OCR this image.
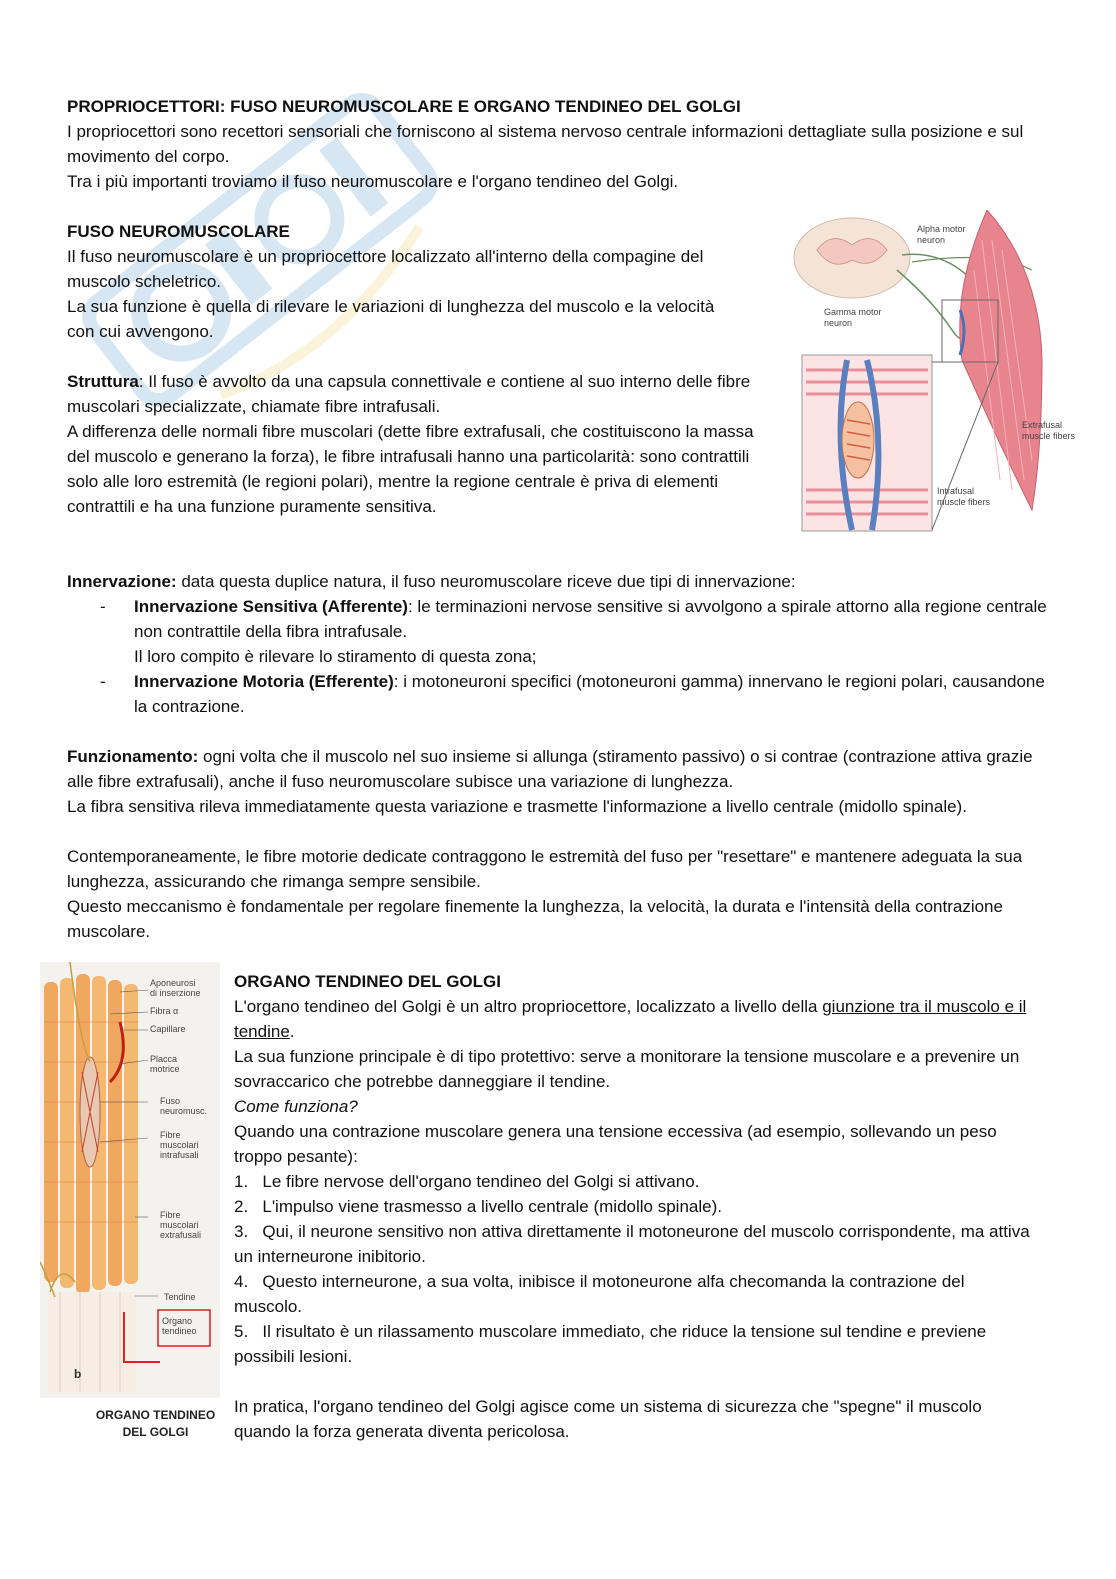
PROPRIOCETTORI: FUSO NEUROMUSCOLARE E ORGANO TENDINEO DEL GOLGI

I propriocettori sono recettori sensoriali che forniscono al sistema nervoso centrale informazioni dettagliate sulla posizione e sul movimento del corpo.

Tra i più importanti troviamo il fuso neuromuscolare e l'organo tendineo del Golgi.

FUSO NEUROMUSCOLARE

Il fuso neuromuscolare è un propriocettore localizzato all'interno della compagine del muscolo scheletrico.

La sua funzione è quella di rilevare le variazioni di lunghezza del muscolo e la velocità con cui avvengono.

Struttura: Il fuso è avvolto da una capsula connettivale e contiene al suo interno delle fibre muscolari specializzate, chiamate fibre intrafusali.

A differenza delle normali fibre muscolari (dette fibre extrafusali, che costituiscono la massa del muscolo e generano la forza), le fibre intrafusali hanno una particolarità: sono contrattili solo alle loro estremità (le regioni polari), mentre la regione centrale è priva di elementi contrattili e ha una funzione puramente sensitiva.

Innervazione: data questa duplice natura, il fuso neuromuscolare riceve due tipi di innervazione:

- Innervazione Sensitiva (Afferente): le terminazioni nervose sensitive si avvolgono a spirale attorno alla regione centrale non contrattile della fibra intrafusale.
Il loro compito è rilevare lo stiramento di questa zona;
- Innervazione Motoria (Efferente): i motoneuroni specifici (motoneuroni gamma) innervano le regioni polari, causandone la contrazione.

Funzionamento: ogni volta che il muscolo nel suo insieme si allunga (stiramento passivo) o si contrae (contrazione attiva grazie alle fibre extrafusali), anche il fuso neuromuscolare subisce una variazione di lunghezza.

La fibra sensitiva rileva immediatamente questa variazione e trasmette l'informazione a livello centrale (midollo spinale).

Contemporaneamente, le fibre motorie dedicate contraggono le estremità del fuso per "resettare" e mantenere adeguata la sua lunghezza, assicurando che rimanga sempre sensibile.

Questo meccanismo è fondamentale per regolare finemente la lunghezza, la velocità, la durata e l'intensità della contrazione muscolare.

Alpha motor
neuron
Gamma motor
neuron
Extrafusal
muscle fibers
Intrafusal
muscle fibers
ORGANO TENDINEO DEL GOLGI

L'organo tendineo del Golgi è un altro propriocettore, localizzato a livello della giunzione tra il muscolo e il tendine.

La sua funzione principale è di tipo protettivo: serve a monitorare la tensione muscolare e a prevenire un sovraccarico che potrebbe danneggiare il tendine.

Come funziona?

Quando una contrazione muscolare genera una tensione eccessiva (ad esempio, sollevando un peso troppo pesante):

1. Le fibre nervose dell'organo tendineo del Golgi si attivano.
2. L'impulso viene trasmesso a livello centrale (midollo spinale).
3. Qui, il neurone sensitivo non attiva direttamente il motoneurone del muscolo corrispondente, ma attiva un interneurone inibitorio.
4. Questo interneurone, a sua volta, inibisce il motoneurone alfa checomanda la contrazione del muscolo.
5. Il risultato è un rilassamento muscolare immediato, che riduce la tensione sul tendine e previene possibili lesioni.

In pratica, l'organo tendineo del Golgi agisce come un sistema di sicurezza che "spegne" il muscolo quando la forza generata diventa pericolosa.

Aponeurosi
di inserzione
Fibra α
Capillare
Placca
motrice
Fuso
neuromusc.
Fibre
muscolari
intrafusali
Fibre
muscolari
extrafusali
Tendine
Organo
tendineo
b
ORGANO TENDINEO DEL GOLGI
